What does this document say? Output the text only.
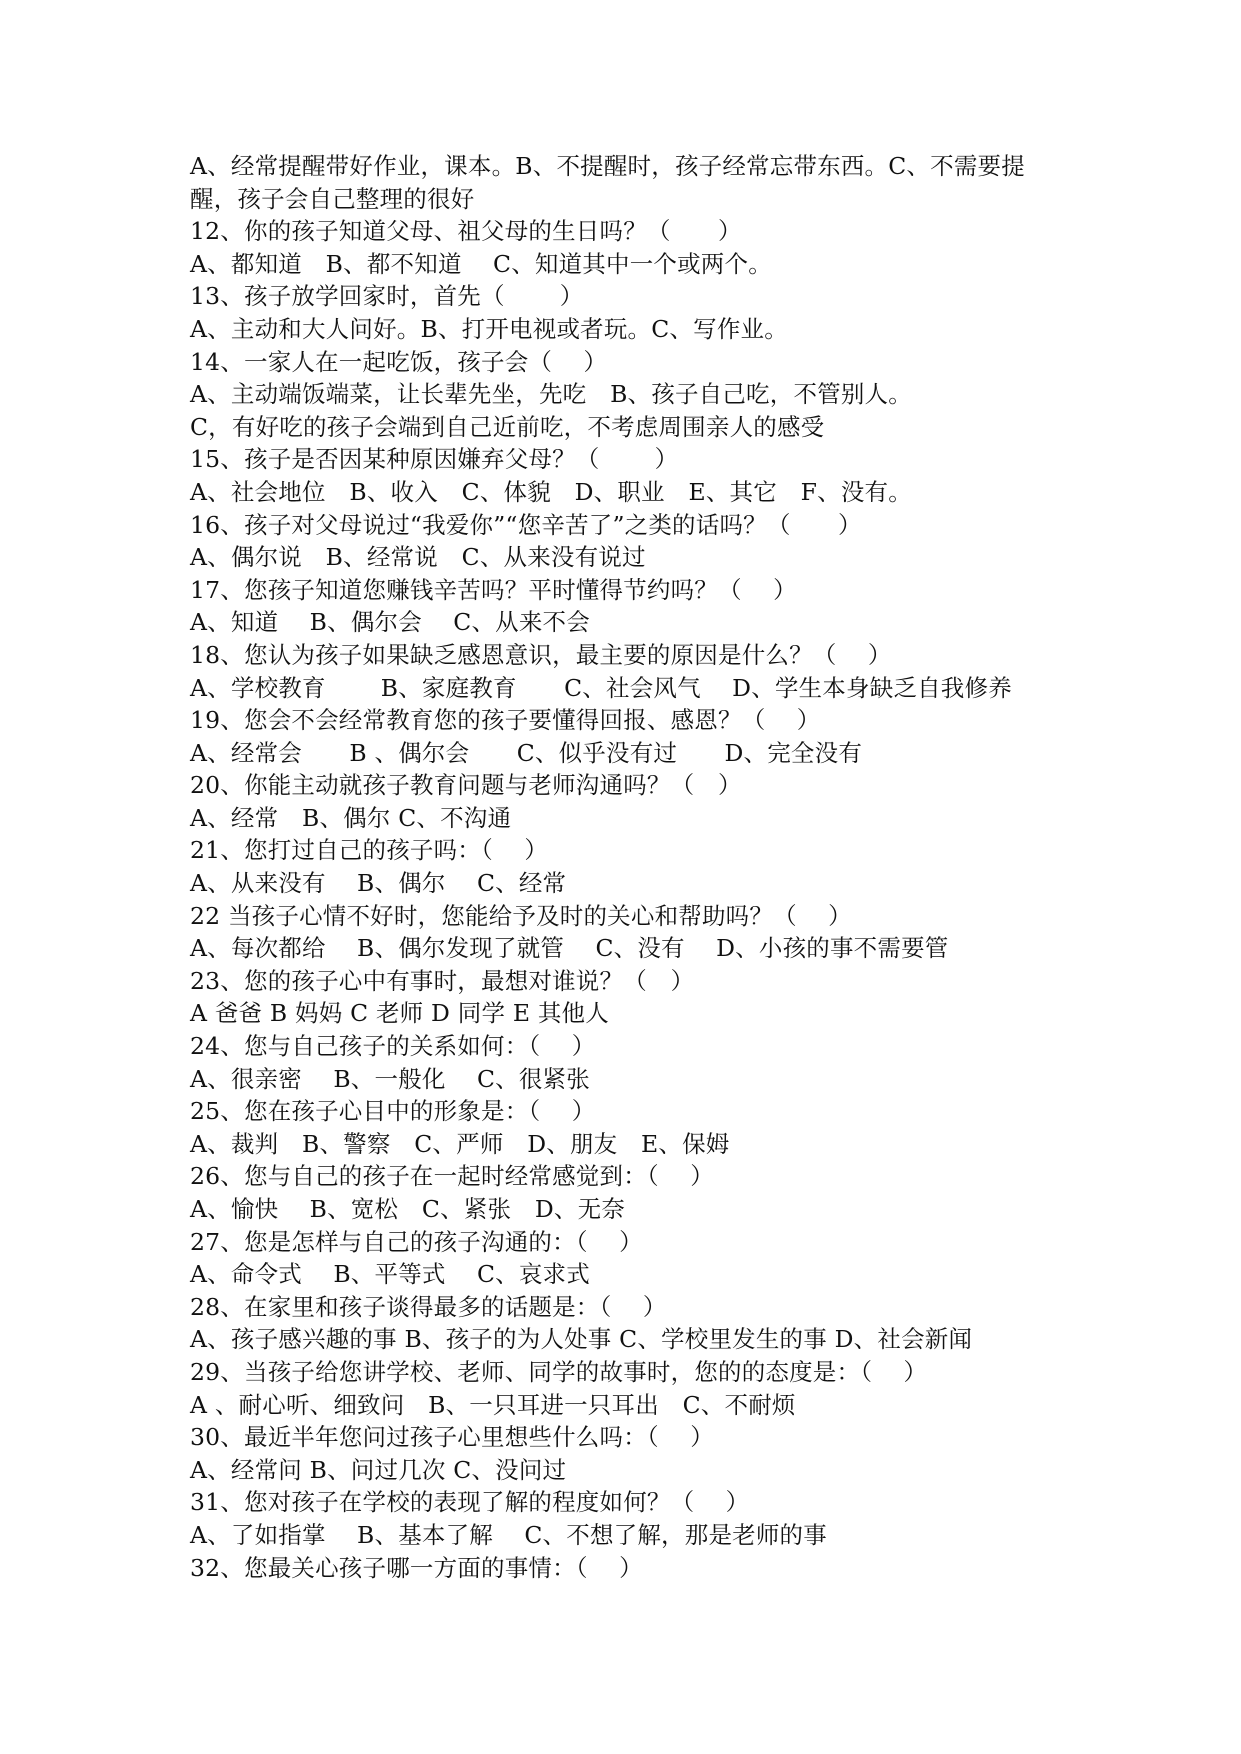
A、经常提醒带好作业，课本。B、不提醒时，孩子经常忘带东西。C、不需要提
醒，孩子会自己整理的很好
12、你的孩子知道父母、祖父母的生日吗？（　　）
A、都知道　B、都不知道　 C、知道其中一个或两个。
13、孩子放学回家时，首先（　　 ）
A、主动和大人问好。B、打开电视或者玩。C、写作业。
14、一家人在一起吃饭，孩子会（　 ）
A、主动端饭端菜，让长辈先坐，先吃　B、孩子自己吃，不管别人。
C，有好吃的孩子会端到自己近前吃，不考虑周围亲人的感受
15、孩子是否因某种原因嫌弃父母？（　　 ）
A、社会地位　B、收入　C、体貌　D、职业　E、其它　F、没有。
16、孩子对父母说过“我爱你”“您辛苦了”之类的话吗？（　　）
A、偶尔说　B、经常说　C、从来没有说过
17、您孩子知道您赚钱辛苦吗？平时懂得节约吗？（　 ）
A、知道　 B、偶尔会　 C、从来不会
18、您认为孩子如果缺乏感恩意识，最主要的原因是什么？（　 ）
A、学校教育　　 B、家庭教育　　C、社会风气　 D、学生本身缺乏自我修养
19、您会不会经常教育您的孩子要懂得回报、感恩？（　 ）
A、经常会　　B 、偶尔会　　C、似乎没有过　　D、完全没有
20、你能主动就孩子教育问题与老师沟通吗？（　）
A、经常　B、偶尔 C、不沟通
21、您打过自己的孩子吗：（　 ）
A、从来没有　 B、偶尔　 C、经常
22 当孩子心情不好时，您能给予及时的关心和帮助吗？（　 ）
A、每次都给　 B、偶尔发现了就管　 C、没有　 D、小孩的事不需要管
23、您的孩子心中有事时，最想对谁说？（　）
A 爸爸 B 妈妈 C 老师 D 同学 E 其他人
24、您与自己孩子的关系如何：（　 ）
A、很亲密　 B、一般化　 C、很紧张
25、您在孩子心目中的形象是：（　 ）
A、裁判　B、警察　C、严师　D、朋友　E、保姆
26、您与自己的孩子在一起时经常感觉到：（　 ）
A、愉快　 B、宽松　C、紧张　D、无奈
27、您是怎样与自己的孩子沟通的：（　 ）
A、命令式　 B、平等式　 C、哀求式
28、在家里和孩子谈得最多的话题是：（　 ）
A、孩子感兴趣的事 B、孩子的为人处事 C、学校里发生的事 D、社会新闻
29、当孩子给您讲学校、老师、同学的故事时，您的的态度是：（　 ）
A 、耐心听、细致问　B、一只耳进一只耳出　C、不耐烦
30、最近半年您问过孩子心里想些什么吗：（　 ）
A、经常问 B、问过几次 C、没问过
31、您对孩子在学校的表现了解的程度如何？（　 ）
A、了如指掌　 B、基本了解　 C、不想了解，那是老师的事
32、您最关心孩子哪一方面的事情：（　 ）
